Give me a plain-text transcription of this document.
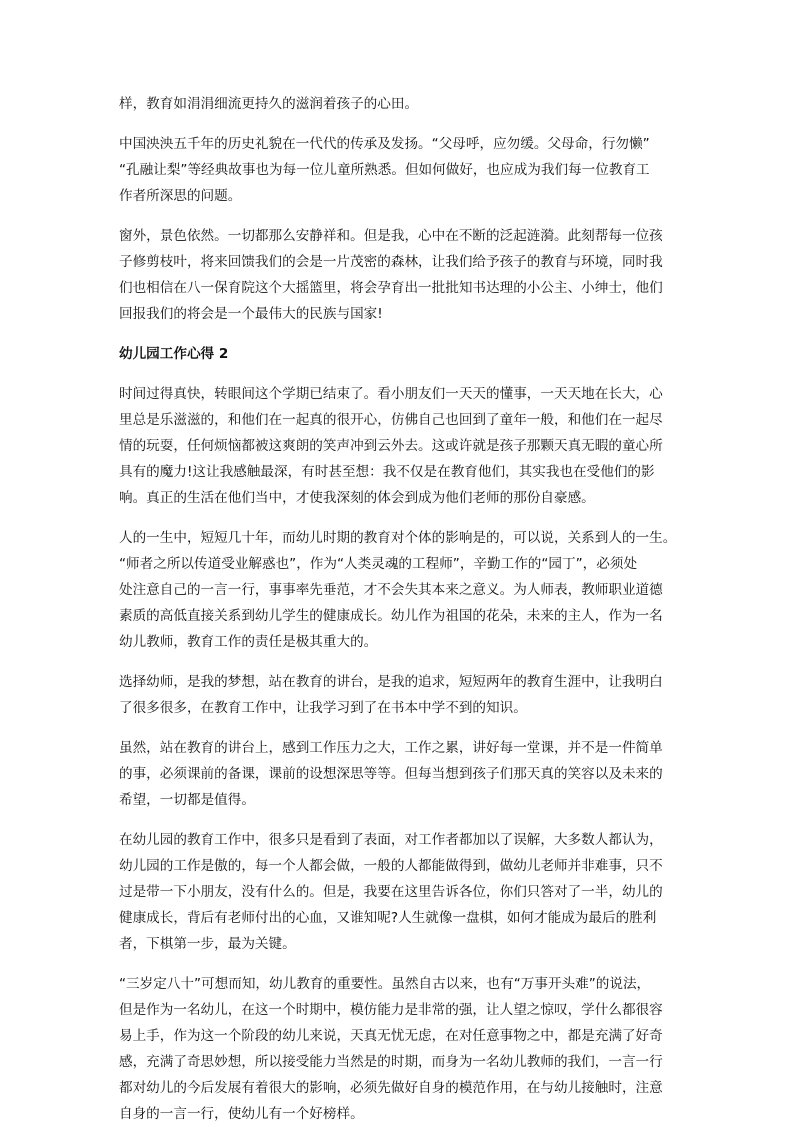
样，教育如涓涓细流更持久的滋润着孩子的心田。

中国泱泱五千年的历史礼貌在一代代的传承及发扬。“父母呼，应勿缓。父母命，行勿懒”
“孔融让梨”等经典故事也为每一位儿童所熟悉。但如何做好，也应成为我们每一位教育工
作者所深思的问题。

窗外，景色依然。一切都那么安静祥和。但是我，心中在不断的泛起涟漪。此刻帮每一位孩
子修剪枝叶，将来回馈我们的会是一片茂密的森林，让我们给予孩子的教育与环境，同时我
们也相信在八一保育院这个大摇篮里，将会孕育出一批批知书达理的小公主、小绅士，他们
回报我们的将会是一个最伟大的民族与国家!

幼儿园工作心得 2

时间过得真快，转眼间这个学期已结束了。看小朋友们一天天的懂事，一天天地在长大，心
里总是乐滋滋的，和他们在一起真的很开心，仿佛自己也回到了童年一般，和他们在一起尽
情的玩耍，任何烦恼都被这爽朗的笑声冲到云外去。这或许就是孩子那颗天真无暇的童心所
具有的魔力!这让我感触最深，有时甚至想：我不仅是在教育他们，其实我也在受他们的影
响。真正的生活在他们当中，才使我深刻的体会到成为他们老师的那份自豪感。

人的一生中，短短几十年，而幼儿时期的教育对个体的影响是的，可以说，关系到人的一生。
“师者之所以传道受业解惑也”，作为“人类灵魂的工程师”，辛勤工作的“园丁”，必须处
处注意自己的一言一行，事事率先垂范，才不会失其本来之意义。为人师表，教师职业道德
素质的高低直接关系到幼儿学生的健康成长。幼儿作为祖国的花朵，未来的主人，作为一名
幼儿教师，教育工作的责任是极其重大的。

选择幼师，是我的梦想，站在教育的讲台，是我的追求，短短两年的教育生涯中，让我明白
了很多很多，在教育工作中，让我学习到了在书本中学不到的知识。

虽然，站在教育的讲台上，感到工作压力之大，工作之累，讲好每一堂课，并不是一件简单
的事，必须课前的备课，课前的设想深思等等。但每当想到孩子们那天真的笑容以及未来的
希望，一切都是值得。

在幼儿园的教育工作中，很多只是看到了表面，对工作者都加以了误解，大多数人都认为，
幼儿园的工作是傲的，每一个人都会做，一般的人都能做得到，做幼儿老师并非难事，只不
过是带一下小朋友，没有什么的。但是，我要在这里告诉各位，你们只答对了一半，幼儿的
健康成长，背后有老师付出的心血，又谁知呢?人生就像一盘棋，如何才能成为最后的胜利
者，下棋第一步，最为关键。

“三岁定八十”可想而知，幼儿教育的重要性。虽然自古以来，也有“万事开头难”的说法，
但是作为一名幼儿，在这一个时期中，模仿能力是非常的强，让人望之惊叹，学什么都很容
易上手，作为这一个阶段的幼儿来说，天真无忧无虑，在对任意事物之中，都是充满了好奇
感，充满了奇思妙想，所以接受能力当然是的时期，而身为一名幼儿教师的我们，一言一行
都对幼儿的今后发展有着很大的影响，必须先做好自身的模范作用，在与幼儿接触时，注意
自身的一言一行，使幼儿有一个好榜样。
